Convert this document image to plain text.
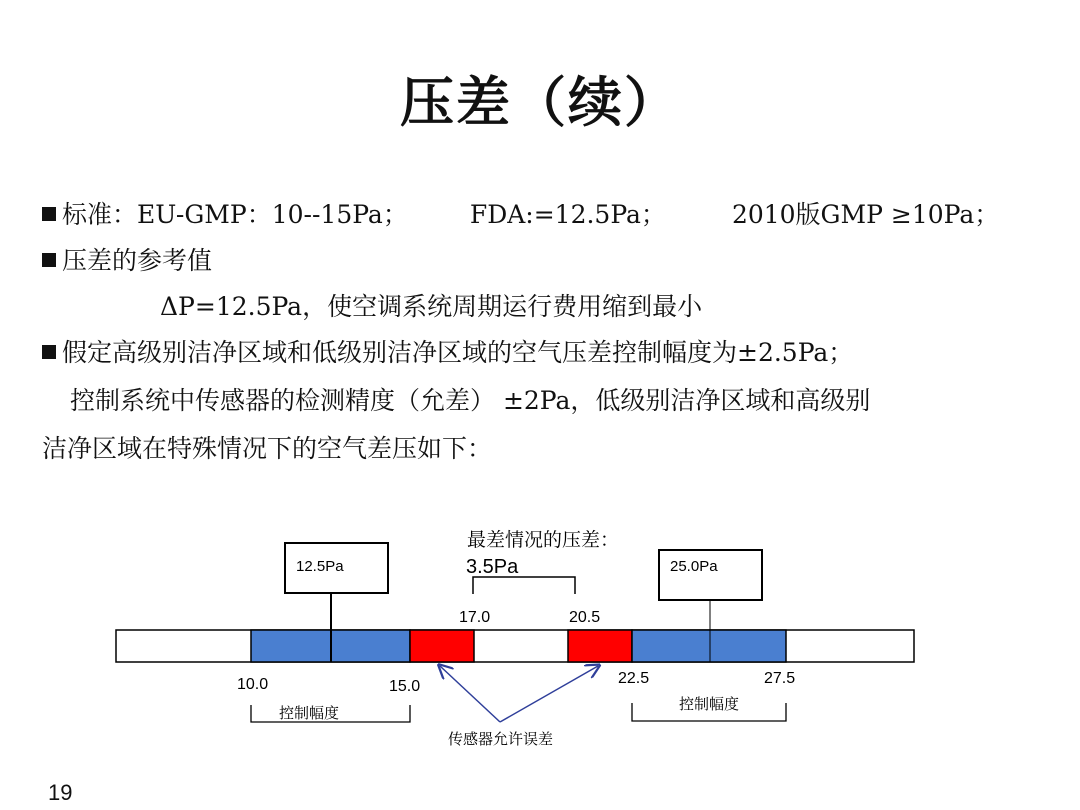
压差（续）
标准：EU-GMP：10--15Pa； FDA:=12.5Pa；	2010版GMP ≥10Pa；
压差的参考值
ΔP=12.5Pa，使空调系统周期运行费用缩到最小
假定高级别洁净区域和低级别洁净区域的空气压差控制幅度为±2.5Pa；
控制系统中传感器的检测精度（允差） ±2Pa，低级别洁净区域和高级别
洁净区域在特殊情况下的空气差压如下：
12.5Pa	25.0Pa
最差情况的压差：
3.5Pa
17.0	20.5
10.0	15.0	22.5	27.5
控制幅度	控制幅度
传感器允许误差
19
